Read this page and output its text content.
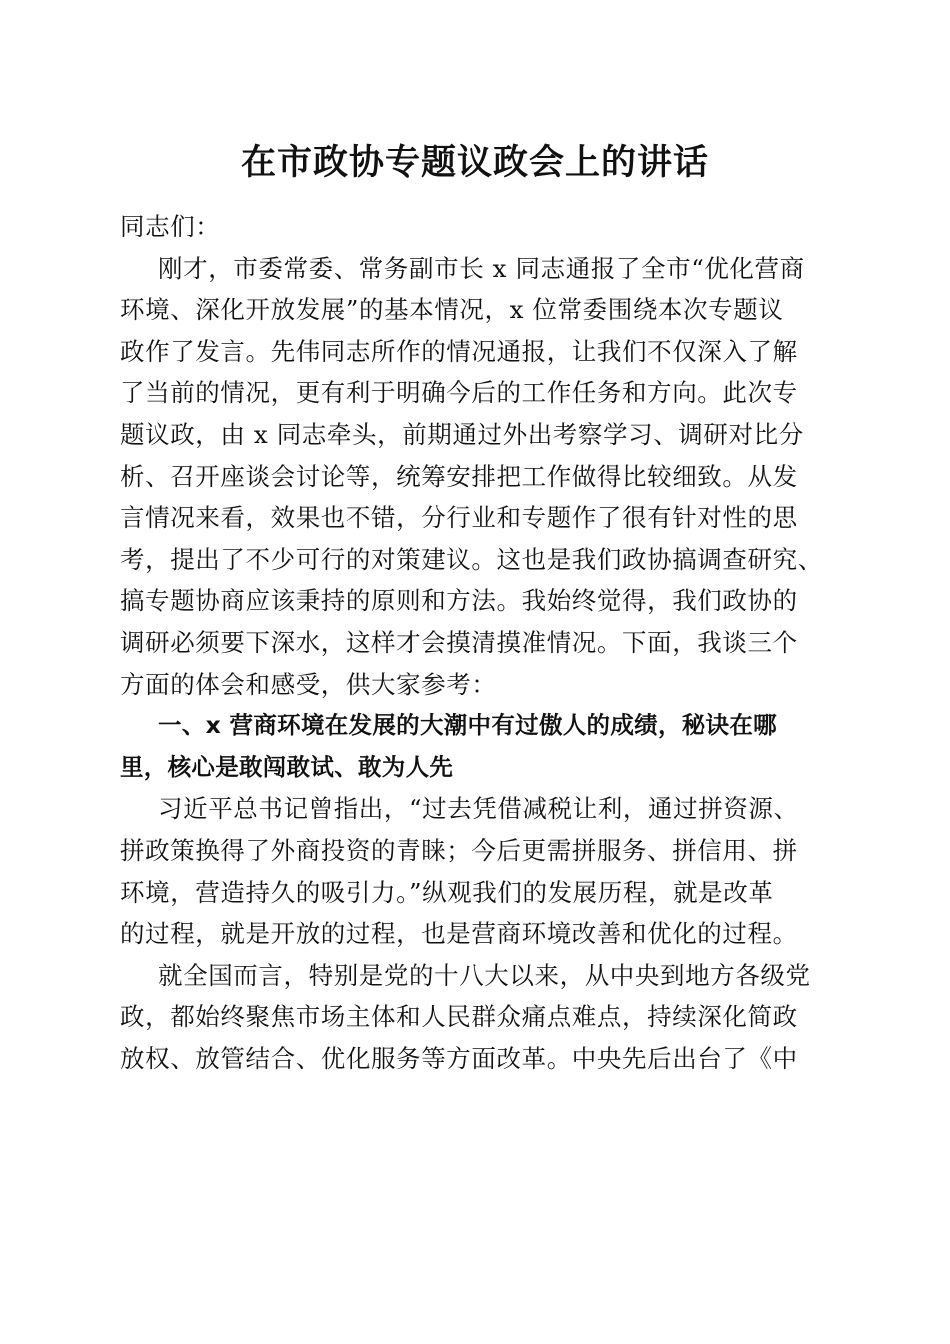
在市政协专题议政会上的讲话
同志们：
刚才，市委常委、常务副市长 x 同志通报了全市“优化营商
环境、深化开放发展”的基本情况，x 位常委围绕本次专题议
政作了发言。先伟同志所作的情况通报，让我们不仅深入了解
了当前的情况，更有利于明确今后的工作任务和方向。此次专
题议政，由 x 同志牵头，前期通过外出考察学习、调研对比分
析、召开座谈会讨论等，统筹安排把工作做得比较细致。从发
言情况来看，效果也不错，分行业和专题作了很有针对性的思
考，提出了不少可行的对策建议。这也是我们政协搞调查研究、
搞专题协商应该秉持的原则和方法。我始终觉得，我们政协的
调研必须要下深水，这样才会摸清摸准情况。下面，我谈三个
方面的体会和感受，供大家参考：
一、x 营商环境在发展的大潮中有过傲人的成绩，秘诀在哪
里，核心是敢闯敢试、敢为人先
习近平总书记曾指出，“过去凭借减税让利，通过拼资源、
拼政策换得了外商投资的青睐；今后更需拼服务、拼信用、拼
环境，营造持久的吸引力。”纵观我们的发展历程，就是改革
的过程，就是开放的过程，也是营商环境改善和优化的过程。
就全国而言，特别是党的十八大以来，从中央到地方各级党
政，都始终聚焦市场主体和人民群众痛点难点，持续深化简政
放权、放管结合、优化服务等方面改革。中央先后出台了《中
